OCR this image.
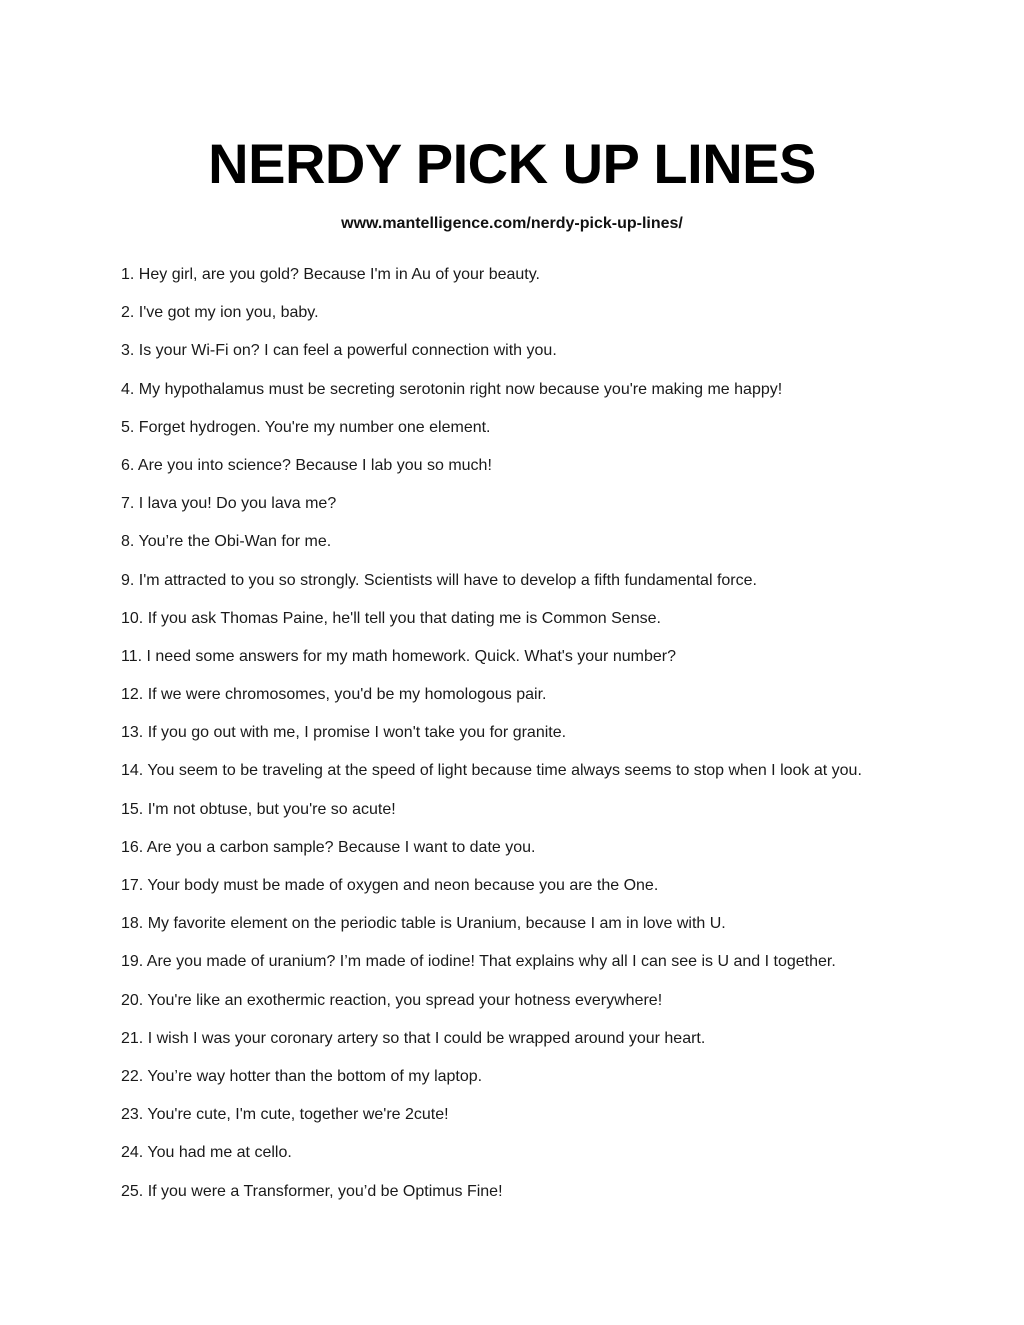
NERDY PICK UP LINES
www.mantelligence.com/nerdy-pick-up-lines/
1. Hey girl, are you gold? Because I'm in Au of your beauty.
2. I've got my ion you, baby.
3. Is your Wi-Fi on? I can feel a powerful connection with you.
4. My hypothalamus must be secreting serotonin right now because you're making me happy!
5. Forget hydrogen. You're my number one element.
6. Are you into science? Because I lab you so much!
7. I lava you! Do you lava me?
8. You’re the Obi-Wan for me.
9. I'm attracted to you so strongly. Scientists will have to develop a fifth fundamental force.
10. If you ask Thomas Paine, he'll tell you that dating me is Common Sense.
11. I need some answers for my math homework. Quick. What's your number?
12. If we were chromosomes, you'd be my homologous pair.
13. If you go out with me, I promise I won't take you for granite.
14. You seem to be traveling at the speed of light because time always seems to stop when I look at you.
15. I'm not obtuse, but you're so acute!
16. Are you a carbon sample? Because I want to date you.
17. Your body must be made of oxygen and neon because you are the One.
18. My favorite element on the periodic table is Uranium, because I am in love with U.
19. Are you made of uranium? I’m made of iodine! That explains why all I can see is U and I together.
20. You're like an exothermic reaction, you spread your hotness everywhere!
21. I wish I was your coronary artery so that I could be wrapped around your heart.
22. You’re way hotter than the bottom of my laptop.
23. You're cute, I'm cute, together we're 2cute!
24. You had me at cello.
25. If you were a Transformer, you’d be Optimus Fine!
